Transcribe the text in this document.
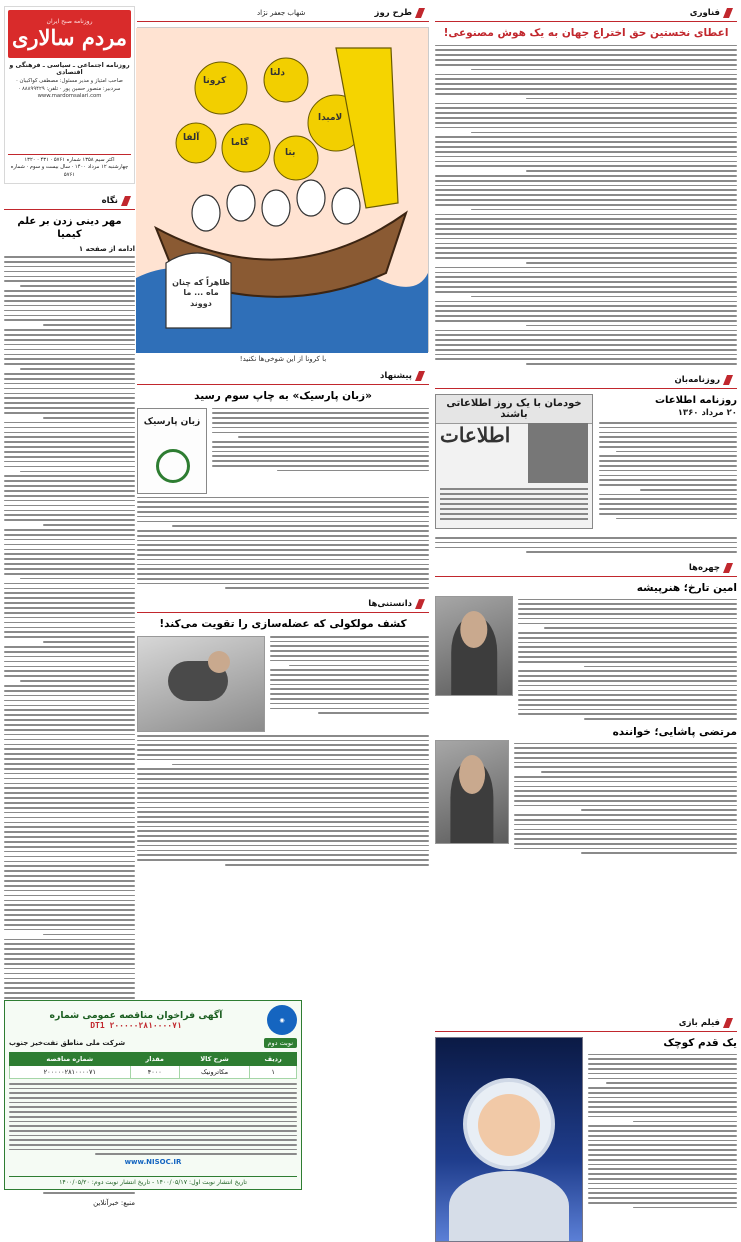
فناوری
اعطای نخستین حق اختراع جهان به یک هوش مصنوعی!
روزنامه‌بان
روزنامه اطلاعات
۲۰ مرداد ۱۳۶۰
خودمان با یک روز اطلاعاتی باشند
اطلاعات
چهره‌ها
امین تارخ؛ هنرپیشه
مرتضی پاشایی؛ خواننده
فیلم‌ بازی
یک قدم کوچک
طرح روز
شهاب جعفر نژاد
کرونا
دلتا
لامبدا
گاما
آلفا
بتا
ظاهراً که چنان ماه ... ما دووند
با کرونا از این شوخی‌ها نکنید!
پیشنهاد
«زبان پارسیک» به چاپ سوم رسید
زبان پارسیک
دانستنی‌ها
کشف مولکولی که عضله‌سازی را تقویت می‌کند!
روزنامه صبح ایران
مردم سالاری
روزنامه اجتماعی ـ سیاسی ـ فرهنگی و اقتصادی
صاحب امتیاز و مدیر مسئول: مصطفی کواکبیان · سردبیر: منصور حسین پور · تلفن: ۸۸۸۹۹۴۲۹ · www.mardomsalari.com
اکثر سیم ۱۳۵۸ شماره ۵۷۶۱ · ۴۳۱ · ۱۳۲۰
چهارشنبه ۱۲ مرداد ۱۴۰۰ · سال بیست و سوم · شماره ۵۷۶۱
نگاه
مهر دینی زدن بر علم کیمیا
ادامه از صفحه ۱
منبع: خبرآنلاین
◉
آگهی فراخوان مناقصه عمومی شماره
DT1 ۲۰۰۰۰۰۲۸۱۰۰۰۰۷۱
نوبت دوم
شرکت ملی مناطق نفت‌خیز جنوب
ردیف	شرح کالا	مقدار	شماره مناقصه
۱	مکاترونیک	۴۰۰۰	۲۰۰۰۰۰۲۸۱۰۰۰۰۷۱
www.NISOC.IR
تاریخ انتشار نوبت اول: ۱۴۰۰/۰۵/۱۷ - تاریخ انتشار نوبت دوم: ۱۴۰۰/۰۵/۲۰
